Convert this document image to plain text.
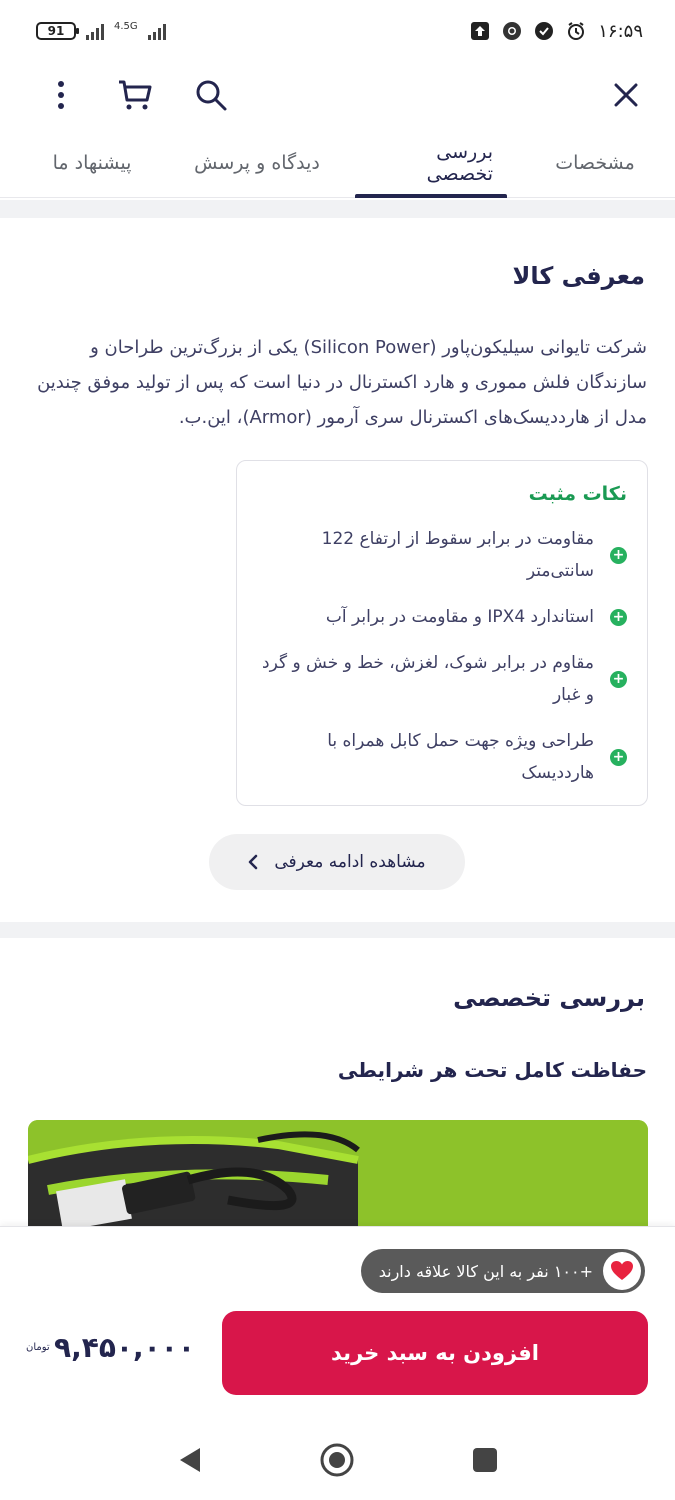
91	4.5G	۱۶:۵۹
مشخصات
بررسی تخصصی
دیدگاه و پرسش
پیشنهاد ما
معرفی کالا
شرکت تایوانی سیلیکون‌پاور (Silicon Power) یکی از بزرگ‌ترین طراحان و سازندگان فلش مموری و هارد اکسترنال در دنیا است که پس از تولید موفق چندین مدل از هارددیسک‌های اکسترنال سری آرمور (Armor)، این.ب.
نکات مثبت
+
مقاومت در برابر سقوط از ارتفاع 122 سانتی‌متر
+
استاندارد IPX4 و مقاومت در برابر آب
+
مقاوم در برابر شوک، لغزش، خط و خش و گرد و غبار
+
طراحی ویژه جهت حمل کابل همراه با هارددیسک
مشاهده ادامه معرفی
بررسی تخصصی
حفاظت کامل تحت هر شرایطی
+۱۰۰ نفر به این کالا علاقه دارند
افزودن به سبد خرید
تومان ۹,۴۵۰,۰۰۰
